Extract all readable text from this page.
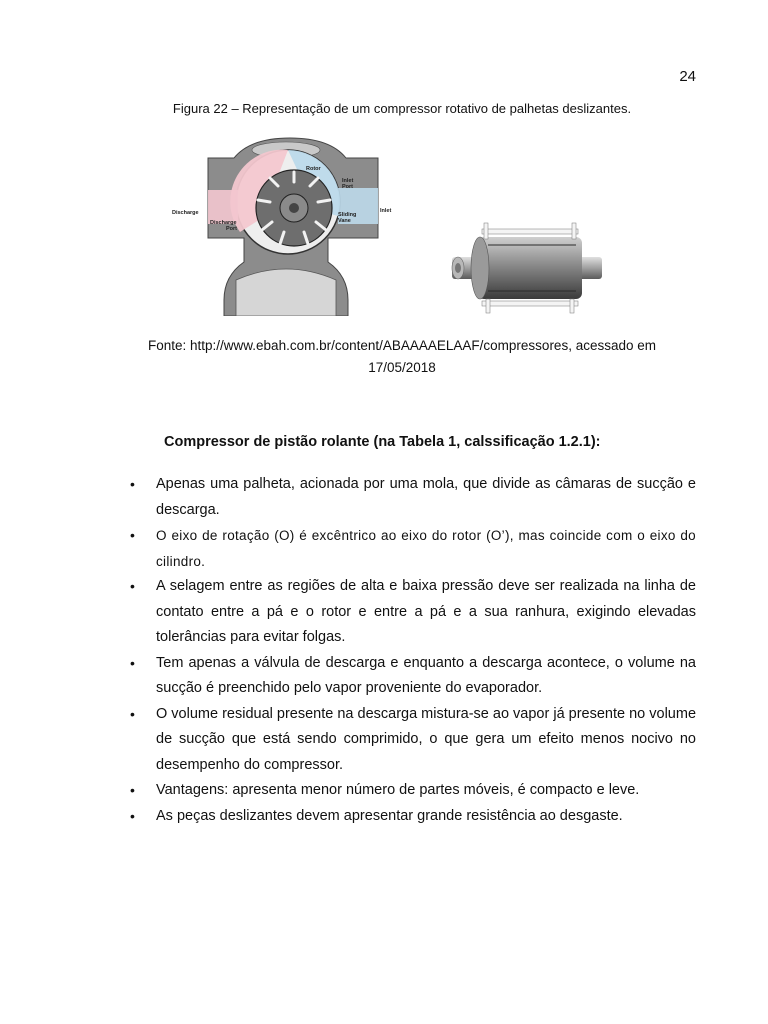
24
Figura 22 – Representação de um compressor rotativo de palhetas deslizantes.
Rotor
Inlet
Port
Discharge
Discharge
Port
Sliding
Vane
Inlet
Fonte: http://www.ebah.com.br/content/ABAAAAELAAF/compressores, acessado em
17/05/2018
Compressor de pistão rolante (na Tabela 1, calssificação 1.2.1):
• Apenas uma palheta, acionada por uma mola, que divide as câmaras de sucção e descarga.
• O eixo de rotação (O) é excêntrico ao eixo do rotor (O’), mas coincide com o eixo do cilindro.
• A selagem entre as regiões de alta e baixa pressão deve ser realizada na linha de contato entre a pá e o rotor e entre a pá e a sua ranhura, exigindo elevadas tolerâncias para evitar folgas.
• Tem apenas a válvula de descarga e enquanto a descarga acontece, o volume na sucção é preenchido pelo vapor proveniente do evaporador.
• O volume residual presente na descarga mistura-se ao vapor já presente no volume de sucção que está sendo comprimido, o que gera um efeito menos nocivo no desempenho do compressor.
• Vantagens: apresenta menor número de partes móveis, é compacto e leve.
• As peças deslizantes devem apresentar grande resistência ao desgaste.
